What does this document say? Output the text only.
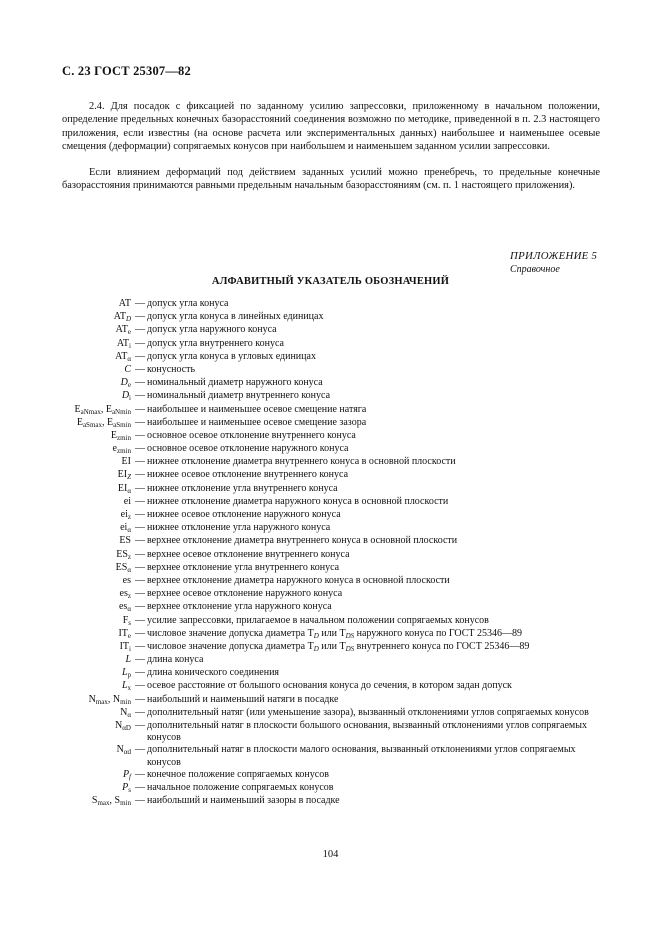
С. 23 ГОСТ 25307—82
2.4. Для посадок с фиксацией по заданному усилию запрессовки, приложенному в начальном положении, определение предельных конечных базорасстояний соединения возможно по методике, приведенной в п. 2.3 настоящего приложения, если известны (на основе расчета или экспериментальных данных) наибольшее и наименьшее осевые смещения (деформации) сопрягаемых конусов при наибольшем и наименьшем заданном усилии запрессовки.
Если влиянием деформаций под действием заданных усилий можно пренебречь, то предельные конечные базорасстояния принимаются равными предельным начальным базорасстояниям (см. п. 1 настоящего приложения).
ПРИЛОЖЕНИЕ 5
Справочное
АЛФАВИТНЫЙ УКАЗАТЕЛЬ ОБОЗНАЧЕНИЙ
AT — допуск угла конуса
$AT_D$ — допуск угла конуса в линейных единицах
$AT_e$ — допуск угла наружного конуса
$AT_i$ — допуск угла внутреннего конуса
$AT_\alpha$ — допуск угла конуса в угловых единицах
C — конусность
$D_e$ — номинальный диаметр наружного конуса
$D_i$ — номинальный диаметр внутреннего конуса
$E_{aNmax}$, $E_{aNmin}$ — наибольшее и наименьшее осевое смещение натяга
$E_{aSmax}$, $E_{aSmin}$ — наибольшее и наименьшее осевое смещение зазора
$E_{zmin}$ — основное осевое отклонение внутреннего конуса
$e_{zmin}$ — основное осевое отклонение наружного конуса
EI — нижнее отклонение диаметра внутреннего конуса в основной плоскости
$EI_Z$ — нижнее осевое отклонение внутреннего конуса
$EI_\alpha$ — нижнее отклонение угла внутреннего конуса
ei — нижнее отклонение диаметра наружного конуса в основной плоскости
$ei_z$ — нижнее осевое отклонение наружного конуса
$ei_\alpha$ — нижнее отклонение угла наружного конуса
ES — верхнее отклонение диаметра внутреннего конуса в основной плоскости
$ES_z$ — верхнее осевое отклонение внутреннего конуса
$ES_\alpha$ — верхнее отклонение угла внутреннего конуса
es — верхнее отклонение диаметра наружного конуса в основной плоскости
$es_z$ — верхнее осевое отклонение наружного конуса
$es_\alpha$ — верхнее отклонение угла наружного конуса
$F_s$ — усилие запрессовки, прилагаемое в начальном положении сопрягаемых конусов
$IT_e$ — числовое значение допуска диаметра $T_D$ или $T_{DS}$ наружного конуса по ГОСТ 25346—89
$IT_i$ — числовое значение допуска диаметра $T_D$ или $T_{DS}$ внутреннего конуса по ГОСТ 25346—89
L — длина конуса
$L_p$ — длина конического соединения
$L_x$ — осевое расстояние от большого основания конуса до сечения, в котором задан допуск
$N_{max}$, $N_{min}$ — наибольший и наименьший натяги в посадке
$N_\alpha$ — дополнительный натяг (или уменьшение зазора), вызванный отклонениями углов сопрягаемых конусов
$N_{\alpha D}$ — дополнительный натяг в плоскости большого основания, вызванный отклонениями углов сопрягаемых конусов
$N_{\alpha d}$ — дополнительный натяг в плоскости малого основания, вызванный отклонениями углов сопрягаемых конусов
$P_f$ — конечное положение сопрягаемых конусов
$P_s$ — начальное положение сопрягаемых конусов
$S_{max}$, $S_{min}$ — наибольший и наименьший зазоры в посадке
104
